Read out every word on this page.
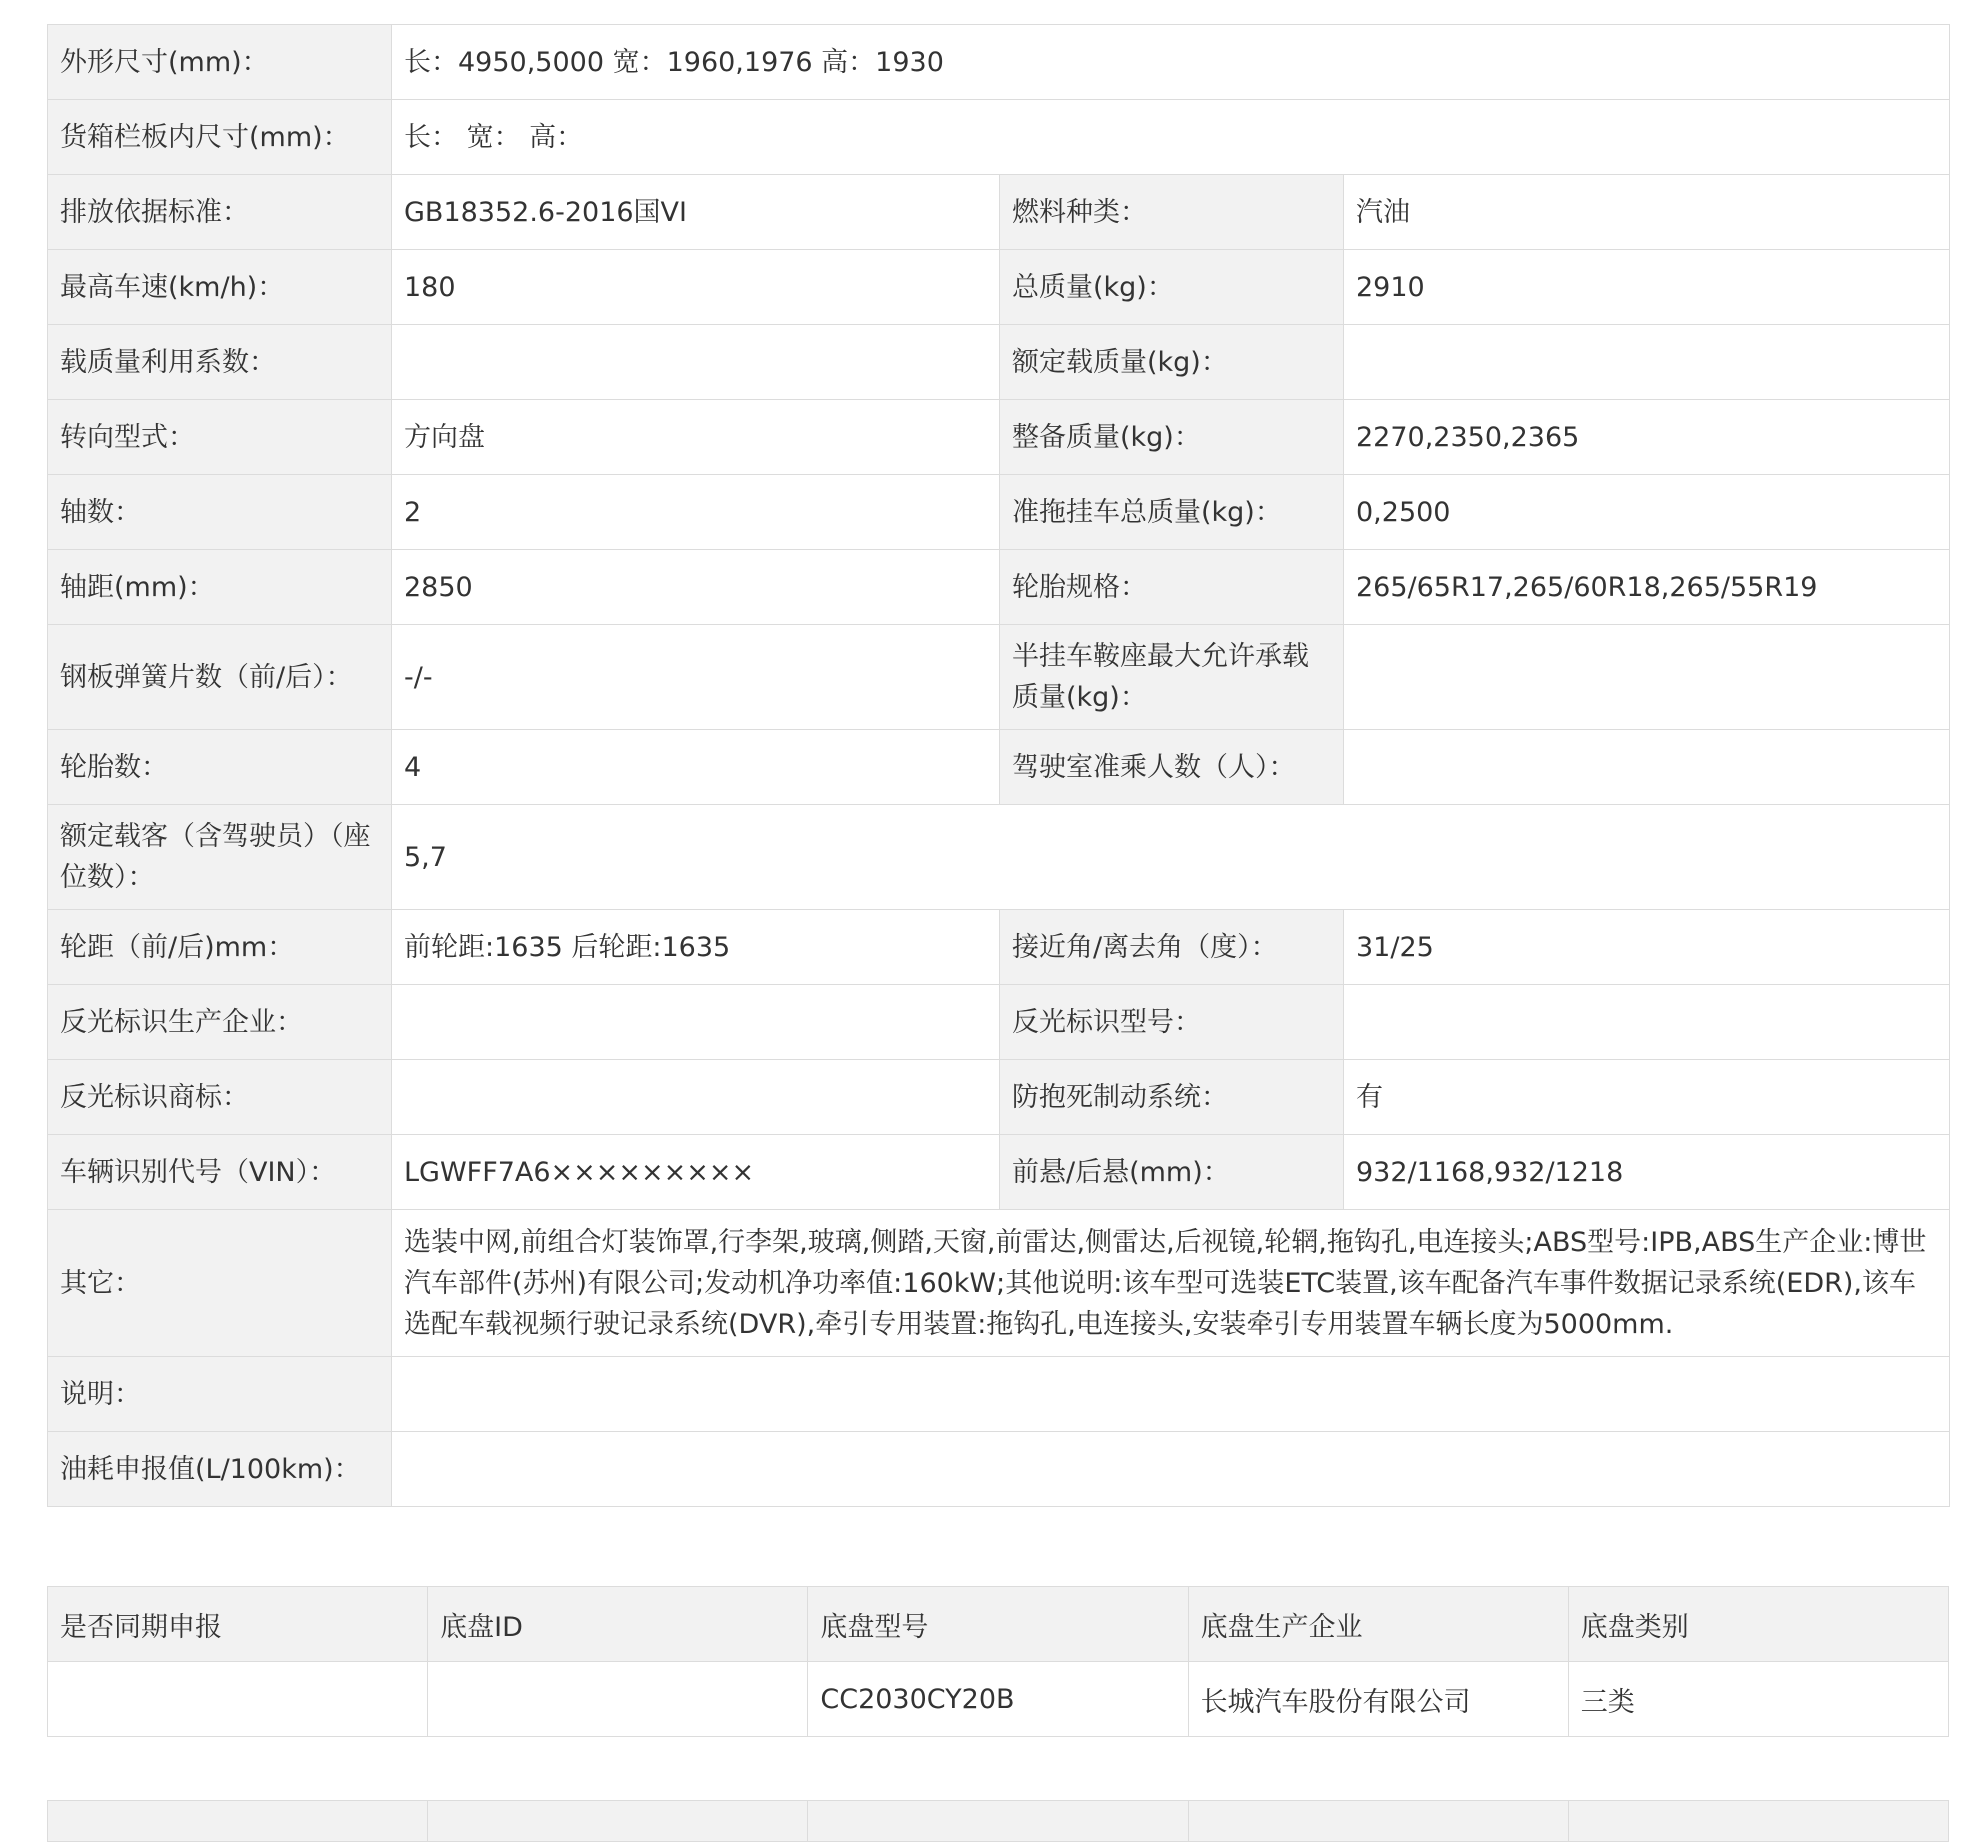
外形尺寸(mm)：	长：4950,5000 宽：1960,1976 高：1930		
货箱栏板内尺寸(mm)：	长： 宽： 高：		
排放依据标准：	GB18352.6-2016国VI	燃料种类：	汽油
最高车速(km/h)：	180	总质量(kg)：	2910
载质量利用系数：		额定载质量(kg)：	
转向型式：	方向盘	整备质量(kg)：	2270,2350,2365
轴数：	2	准拖挂车总质量(kg)：	0,2500
轴距(mm)：	2850	轮胎规格：	265/65R17,265/60R18,265/55R19
钢板弹簧片数（前/后）：	-/-	半挂车鞍座最大允许承载质量(kg)：	
轮胎数：	4	驾驶室准乘人数（人）：	
额定载客（含驾驶员）（座位数）：	5,7		
轮距（前/后)mm：	前轮距:1635 后轮距:1635	接近角/离去角（度）：	31/25
反光标识生产企业：		反光标识型号：	
反光标识商标：		防抱死制动系统：	有
车辆识别代号（VIN）：	LGWFF7A6×××××××××	前悬/后悬(mm)：	932/1168,932/1218
其它：	选装中网,前组合灯装饰罩,行李架,玻璃,侧踏,天窗,前雷达,侧雷达,后视镜,轮辋,拖钩孔,电连接头;ABS型号:IPB,ABS生产企业:博世汽车部件(苏州)有限公司;发动机净功率值:160kW;其他说明:该车型可选装ETC装置,该车配备汽车事件数据记录系统(EDR),该车选配车载视频行驶记录系统(DVR),牵引专用装置:拖钩孔,电连接头,安装牵引专用装置车辆长度为5000mm.		
说明：			
油耗申报值(L/100km)：			
是否同期申报	底盘ID	底盘型号	底盘生产企业	底盘类别
		CC2030CY20B	长城汽车股份有限公司	三类
